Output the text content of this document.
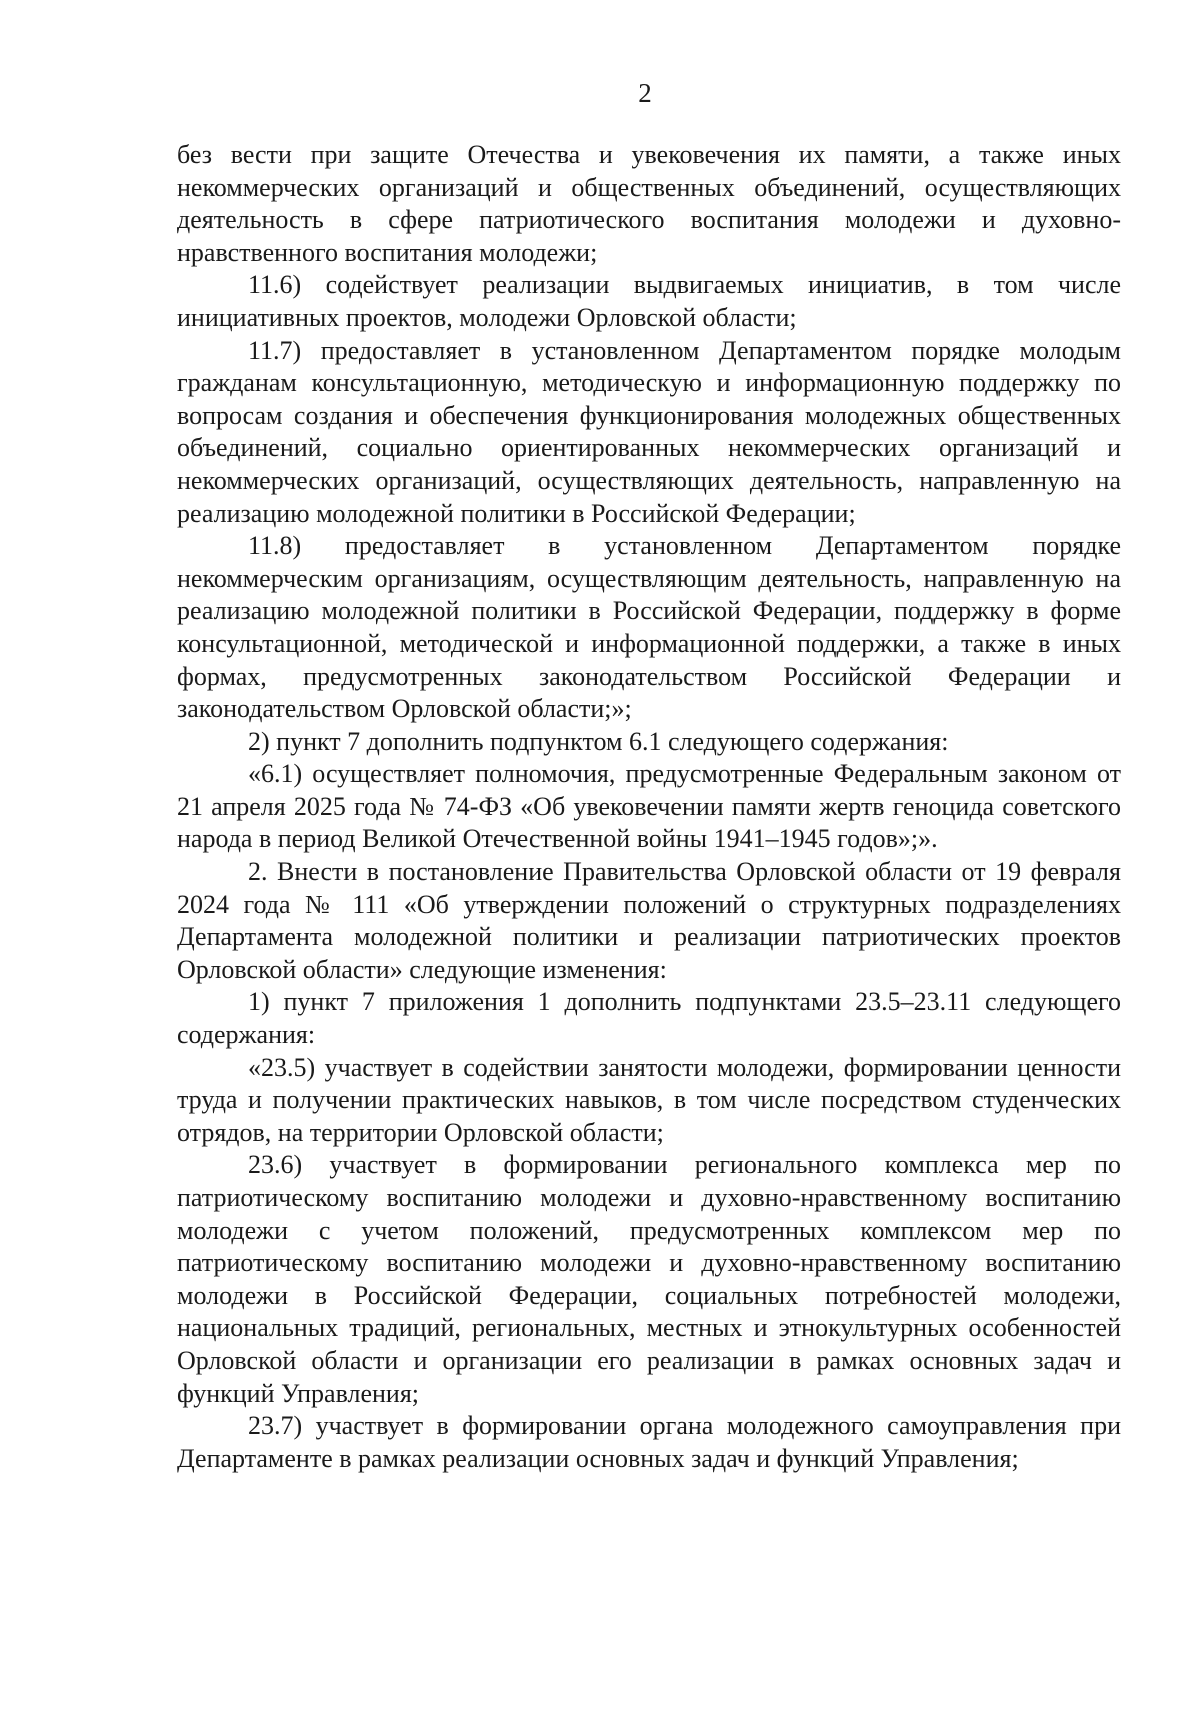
2

без вести при защите Отечества и увековечения их памяти, а также иных некоммерческих организаций и общественных объединений, осуществляющих деятельность в сфере патриотического воспитания молодежи и духовно-нравственного воспитания молодежи;

11.6) содействует реализации выдвигаемых инициатив, в том числе инициативных проектов, молодежи Орловской области;

11.7) предоставляет в установленном Департаментом порядке молодым гражданам консультационную, методическую и информационную поддержку по вопросам создания и обеспечения функционирования молодежных общественных объединений, социально ориентированных некоммерческих организаций и некоммерческих организаций, осуществляющих деятельность, направленную на реализацию молодежной политики в Российской Федерации;

11.8) предоставляет в установленном Департаментом порядке некоммерческим организациям, осуществляющим деятельность, направленную на реализацию молодежной политики в Российской Федерации, поддержку в форме консультационной, методической и информационной поддержки, а также в иных формах, предусмотренных законодательством Российской Федерации и законодательством Орловской области;»;

2) пункт 7 дополнить подпунктом 6.1 следующего содержания:

«6.1) осуществляет полномочия, предусмотренные Федеральным законом от 21 апреля 2025 года № 74-ФЗ «Об увековечении памяти жертв геноцида советского народа в период Великой Отечественной войны 1941–1945 годов»;».

2. Внести в постановление Правительства Орловской области от 19 февраля 2024 года № 111 «Об утверждении положений о структурных подразделениях Департамента молодежной политики и реализации патриотических проектов Орловской области» следующие изменения:

1) пункт 7 приложения 1 дополнить подпунктами 23.5–23.11 следующего содержания:

«23.5) участвует в содействии занятости молодежи, формировании ценности труда и получении практических навыков, в том числе посредством студенческих отрядов, на территории Орловской области;

23.6) участвует в формировании регионального комплекса мер по патриотическому воспитанию молодежи и духовно-нравственному воспитанию молодежи с учетом положений, предусмотренных комплексом мер по патриотическому воспитанию молодежи и духовно-нравственному воспитанию молодежи в Российской Федерации, социальных потребностей молодежи, национальных традиций, региональных, местных и этнокультурных особенностей Орловской области и организации его реализации в рамках основных задач и функций Управления;

23.7) участвует в формировании органа молодежного самоуправления при Департаменте в рамках реализации основных задач и функций Управления;
